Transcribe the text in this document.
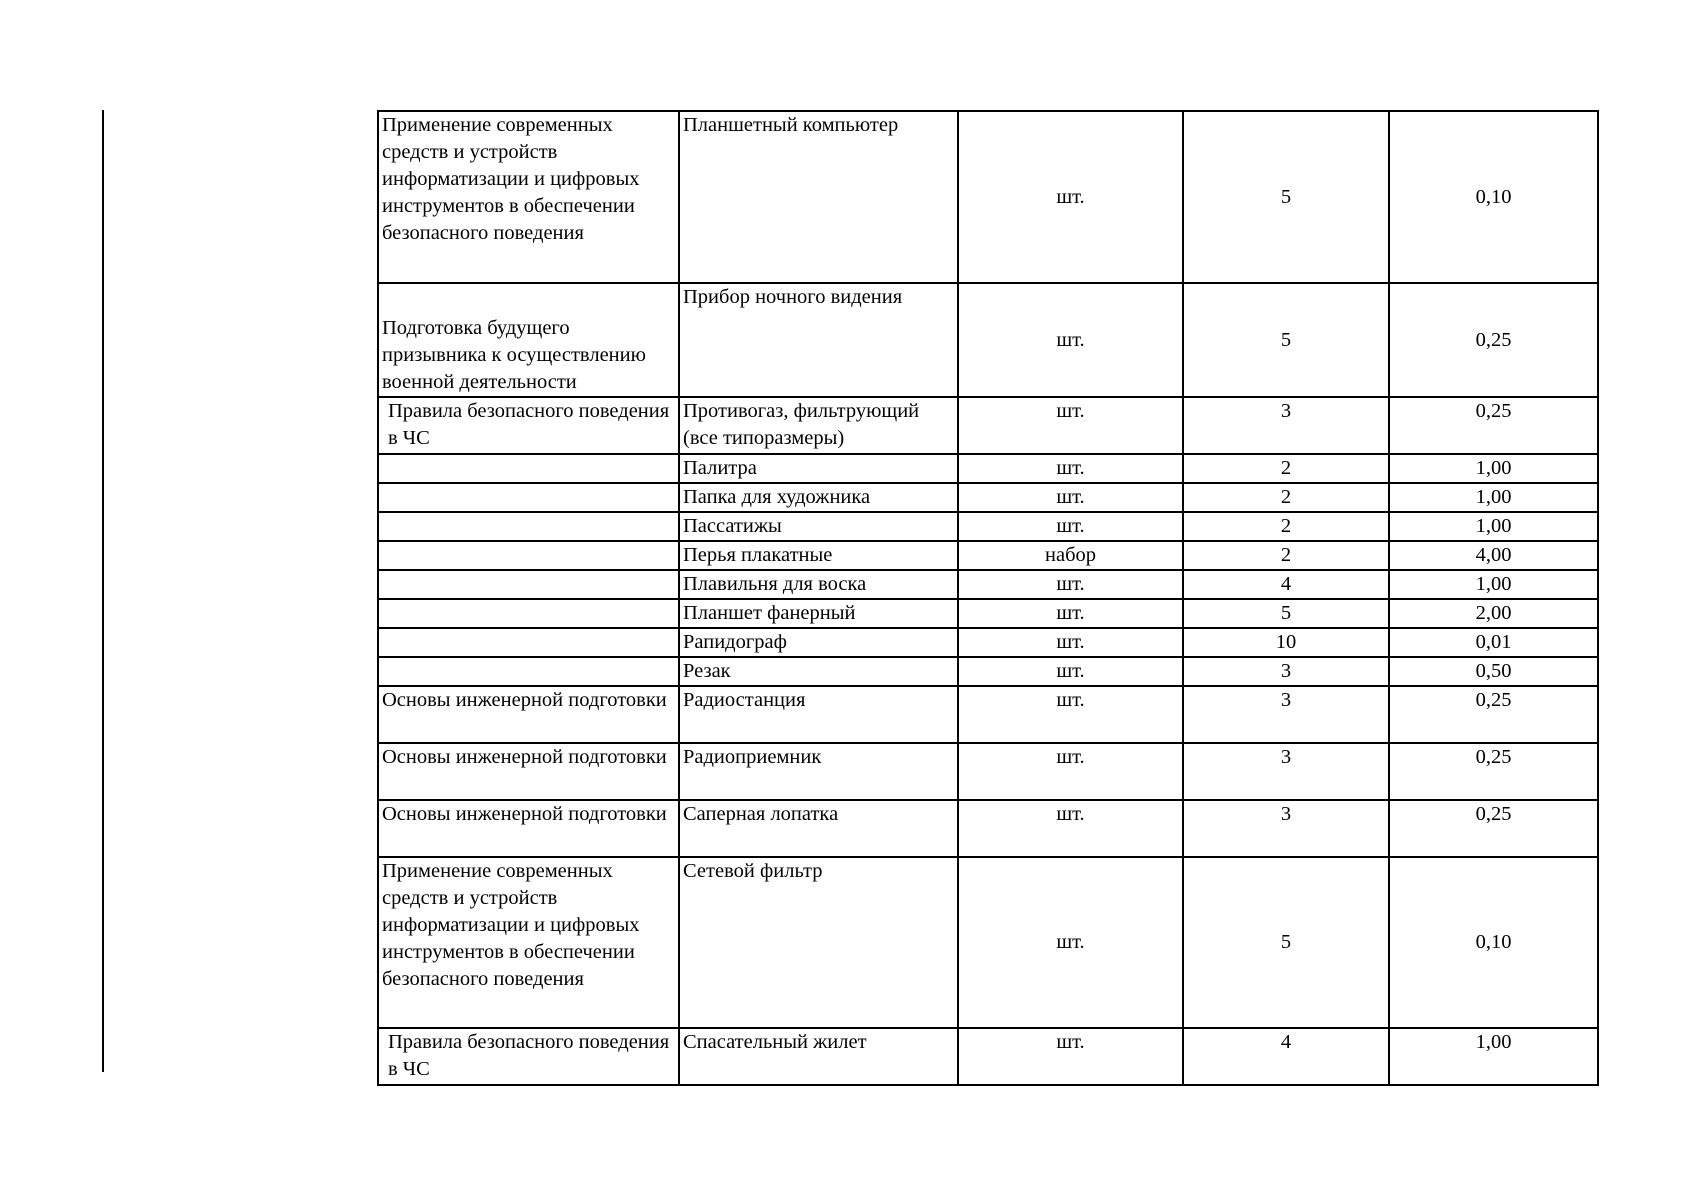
Применение современных средств и устройств информатизации и цифровых инструментов в обеспечении безопасного поведения	Планшетный компьютер	шт.	5	0,10

Подготовка будущего призывника к осуществлению военной деятельности	Прибор ночного видения	шт.	5	0,25

Правила безопасного поведения в ЧС	Противогаз, фильтрующий (все типоразмеры)	шт.	3	0,25

	Палитра	шт.	2	1,00

	Папка для художника	шт.	2	1,00

	Пассатижы	шт.	2	1,00

	Перья плакатные	набор	2	4,00

	Плавильня для воска	шт.	4	1,00

	Планшет фанерный	шт.	5	2,00

	Рапидограф	шт.	10	0,01

	Резак	шт.	3	0,50

Основы инженерной подготовки	Радиостанция	шт.	3	0,25

Основы инженерной подготовки	Радиоприемник	шт.	3	0,25

Основы инженерной подготовки	Саперная лопатка	шт.	3	0,25

Применение современных средств и устройств информатизации и цифровых инструментов в обеспечении безопасного поведения	Сетевой фильтр	шт.	5	0,10

Правила безопасного поведения в ЧС	Спасательный жилет	шт.	4	1,00
